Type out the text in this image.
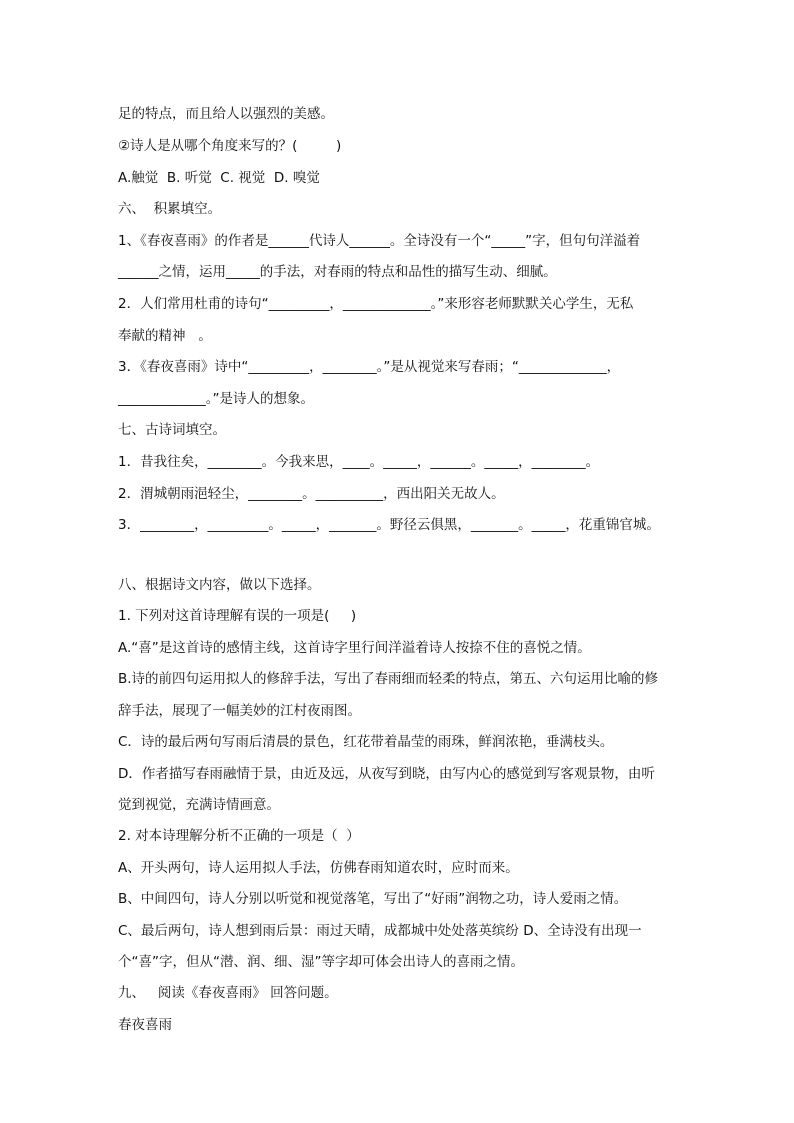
足的特点，而且给人以强烈的美感。

②诗人是从哪个角度来写的？(         )

A.触觉  B. 听觉  C. 视觉  D. 嗅觉

六、  积累填空。

1、《春夜喜雨》的作者是______代诗人______。全诗没有一个“_____”字，但句句洋溢着

______之情，运用_____的手法，对春雨的特点和品性的描写生动、细腻。

2．人们常用杜甫的诗句“_________，_____________。”来形容老师默默关心学生，无私

奉献的精神   。

3．《春夜喜雨》诗中“_________，________。”是从视觉来写春雨；“_____________，

_____________。”是诗人的想象。

七、古诗词填空。

1．昔我往矣，________。今我来思，____。_____，______。_____，________。

2．渭城朝雨浥轻尘，________。__________，西出阳关无故人。

3．________，_________。_____，_______。野径云俱黑，_______。_____，花重锦官城。

八、根据诗文内容，做以下选择。

1. 下列对这首诗理解有误的一项是(     )

A.“喜”是这首诗的感情主线，这首诗字里行间洋溢着诗人按捺不住的喜悦之情。

B.诗的前四句运用拟人的修辞手法，写出了春雨细而轻柔的特点，第五、六句运用比喻的修

辞手法，展现了一幅美妙的江村夜雨图。

C．诗的最后两句写雨后清晨的景色，红花带着晶莹的雨珠，鲜润浓艳，垂满枝头。

D．作者描写春雨融情于景，由近及远，从夜写到晓，由写内心的感觉到写客观景物，由听

觉到视觉，充满诗情画意。

2. 对本诗理解分析不正确的一项是（  ）

A、开头两句，诗人运用拟人手法，仿佛春雨知道农时，应时而来。

B、中间四句，诗人分别以听觉和视觉落笔，写出了“好雨”润物之功，诗人爱雨之情。

C、最后两句，诗人想到雨后景：雨过天晴，成都城中处处落英缤纷 D、全诗没有出现一

个“喜”字，但从“潜、润、细、湿”等字却可体会出诗人的喜雨之情。

九、   阅读《春夜喜雨》 回答问题。

春夜喜雨
